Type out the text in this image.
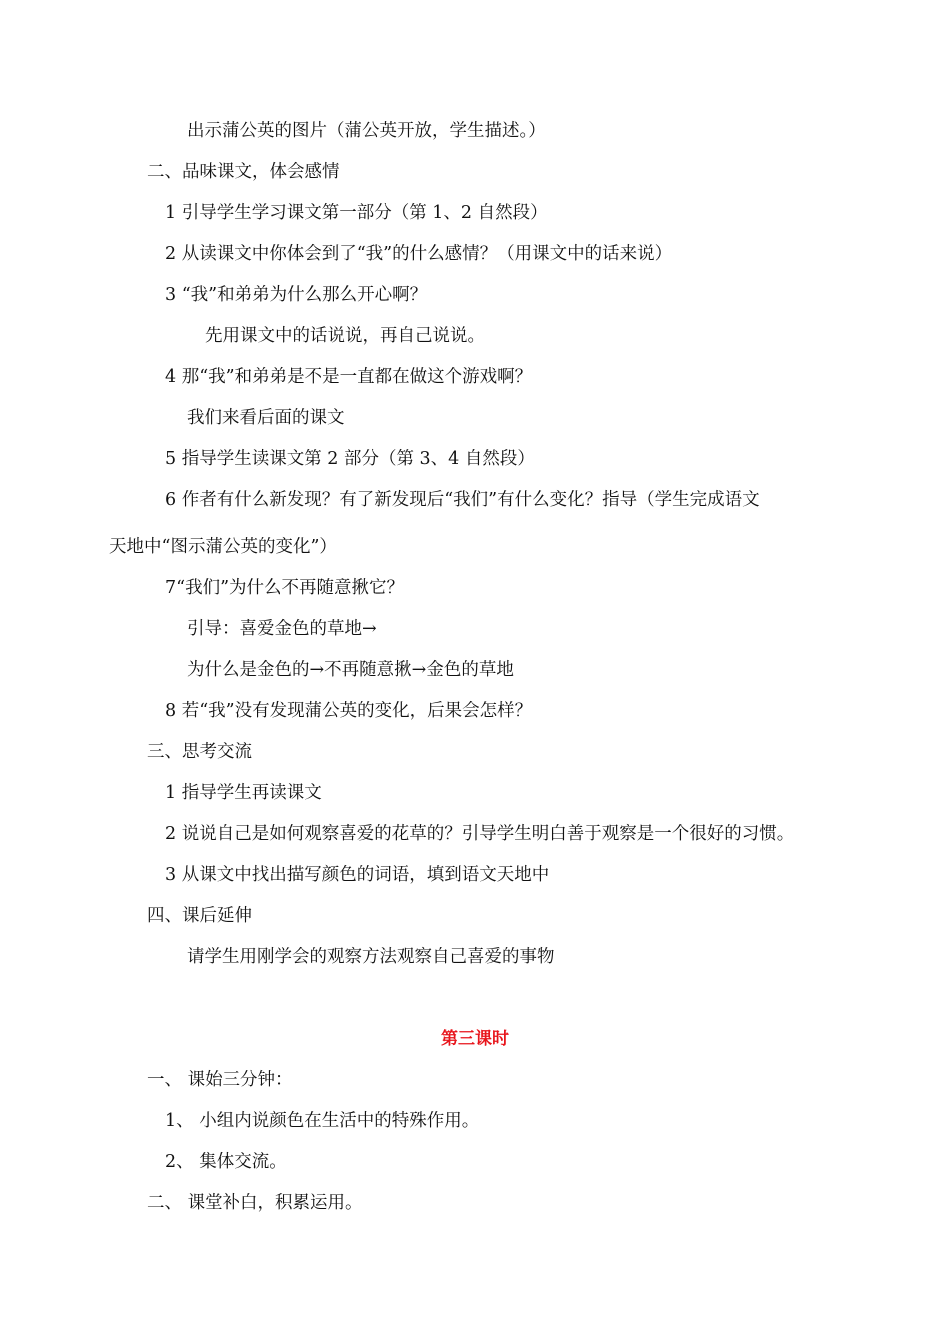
出示蒲公英的图片（蒲公英开放，学生描述。）
二、品味课文，体会感情
1 引导学生学习课文第一部分（第 1、2 自然段）
2 从读课文中你体会到了“我”的什么感情？（用课文中的话来说）
3 “我”和弟弟为什么那么开心啊？
先用课文中的话说说，再自己说说。
4 那“我”和弟弟是不是一直都在做这个游戏啊？
我们来看后面的课文
5 指导学生读课文第 2 部分（第 3、4 自然段）
6 作者有什么新发现？有了新发现后“我们”有什么变化？指导（学生完成语文
天地中“图示蒲公英的变化”）
7“我们”为什么不再随意揪它？
引导：喜爱金色的草地→
为什么是金色的→不再随意揪→金色的草地
8 若“我”没有发现蒲公英的变化，后果会怎样？
三、思考交流
1 指导学生再读课文
2 说说自己是如何观察喜爱的花草的？引导学生明白善于观察是一个很好的习惯。
3 从课文中找出描写颜色的词语，填到语文天地中
四、课后延伸
请学生用刚学会的观察方法观察自己喜爱的事物
第三课时
一、 课始三分钟：
1、 小组内说颜色在生活中的特殊作用。
2、 集体交流。
二、 课堂补白，积累运用。
